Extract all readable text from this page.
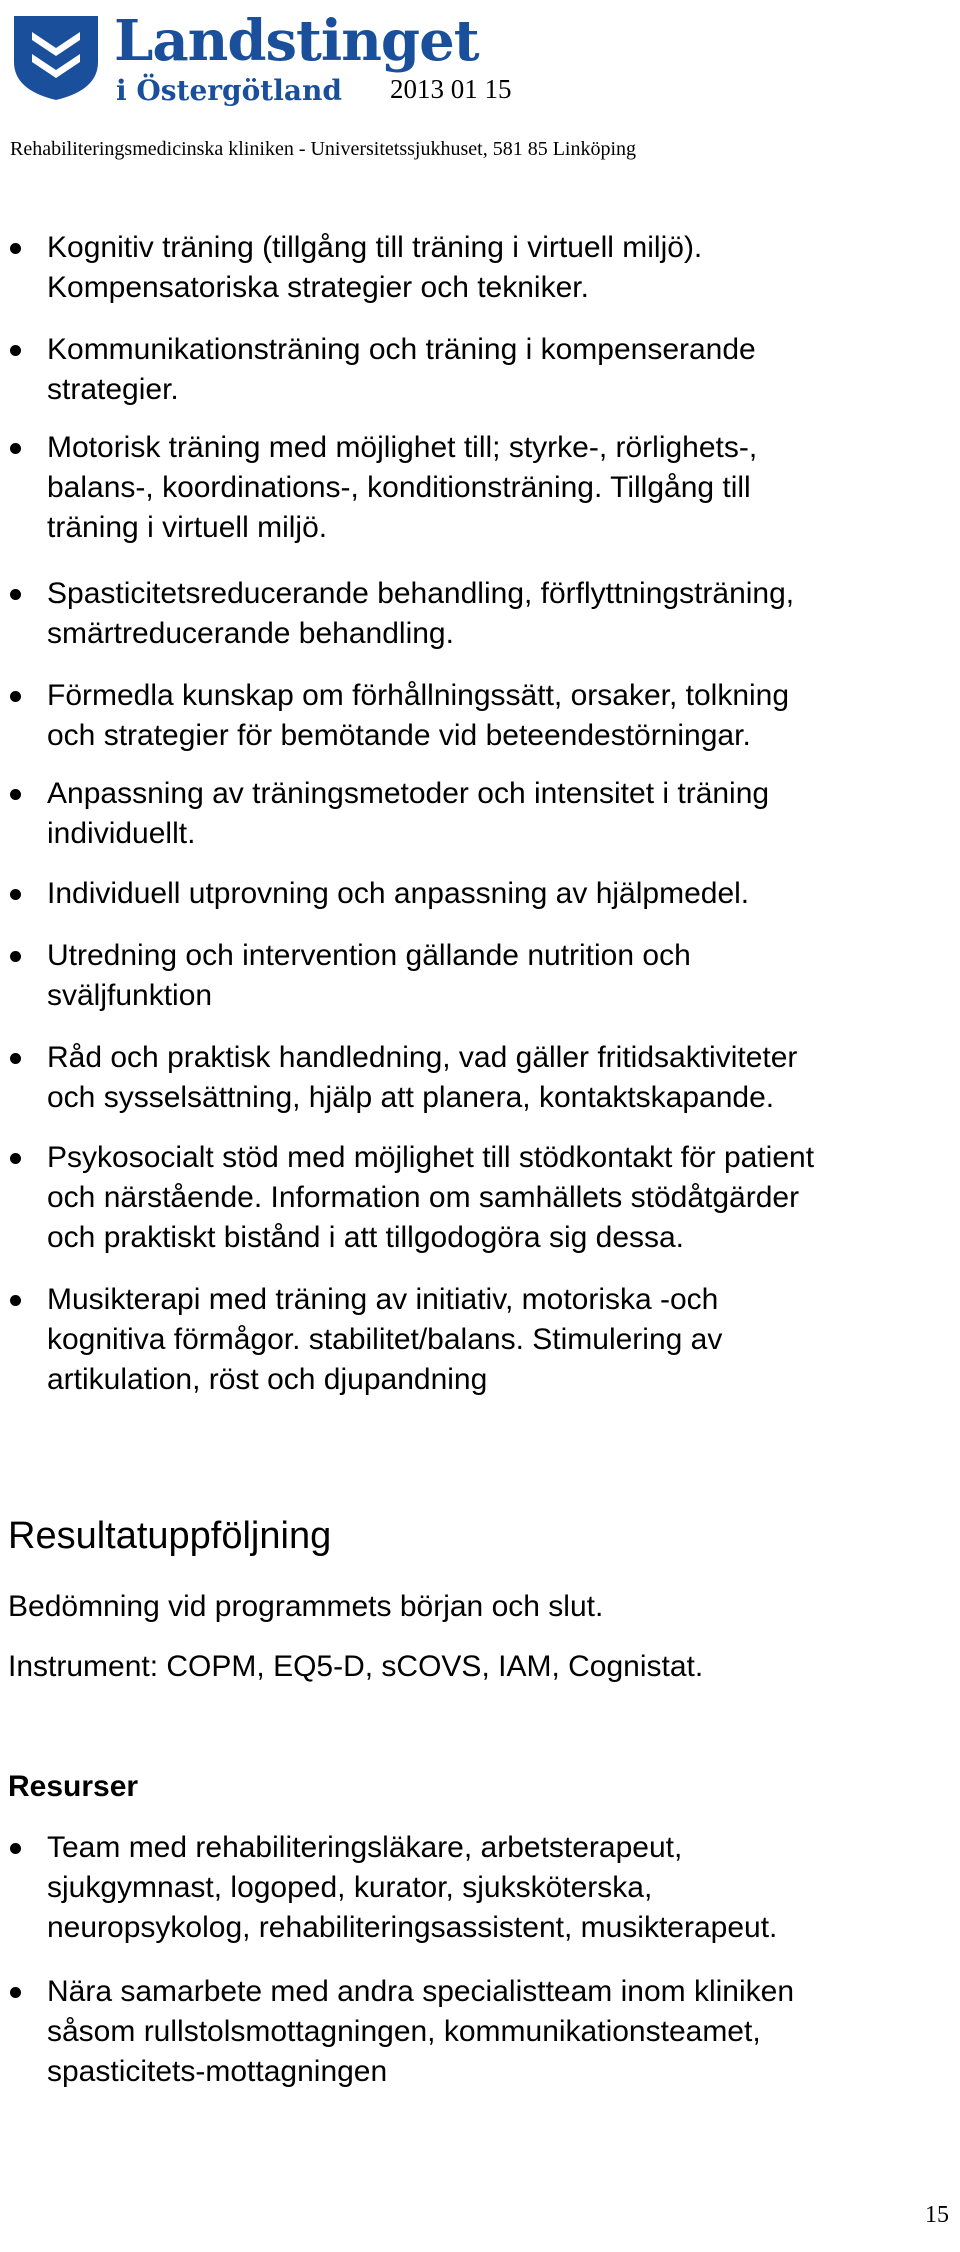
Landstinget
i Östergötland 2013 01 15
Rehabiliteringsmedicinska kliniken - Universitetssjukhuset, 581 85 Linköping
Kognitiv träning (tillgång till träning i virtuell miljö).
Kompensatoriska strategier och tekniker.
Kommunikationsträning och träning i kompenserande
strategier.
Motorisk träning med möjlighet till; styrke-, rörlighets-,
balans-, koordinations-, konditionsträning. Tillgång till
träning i virtuell miljö.
Spasticitetsreducerande behandling, förflyttningsträning,
smärtreducerande behandling.
Förmedla kunskap om förhållningssätt, orsaker, tolkning
och strategier för bemötande vid beteendestörningar.
Anpassning av träningsmetoder och intensitet i träning
individuellt.
Individuell utprovning och anpassning av hjälpmedel.
Utredning och intervention gällande nutrition och
sväljfunktion
Råd och praktisk handledning, vad gäller fritidsaktiviteter
och sysselsättning, hjälp att planera, kontaktskapande.
Psykosocialt stöd med möjlighet till stödkontakt för patient
och närstående. Information om samhällets stödåtgärder
och praktiskt bistånd i att tillgodogöra sig dessa.
Musikterapi med träning av initiativ, motoriska -och
kognitiva förmågor. stabilitet/balans. Stimulering av
artikulation, röst och djupandning
Resultatuppföljning
Bedömning vid programmets början och slut.
Instrument: COPM, EQ5-D, sCOVS, IAM, Cognistat.
Resurser
Team med rehabiliteringsläkare, arbetsterapeut,
sjukgymnast, logoped, kurator, sjuksköterska,
neuropsykolog, rehabiliteringsassistent, musikterapeut.
Nära samarbete med andra specialistteam inom kliniken
såsom rullstolsmottagningen, kommunikationsteamet,
spasticitets-mottagningen
15
